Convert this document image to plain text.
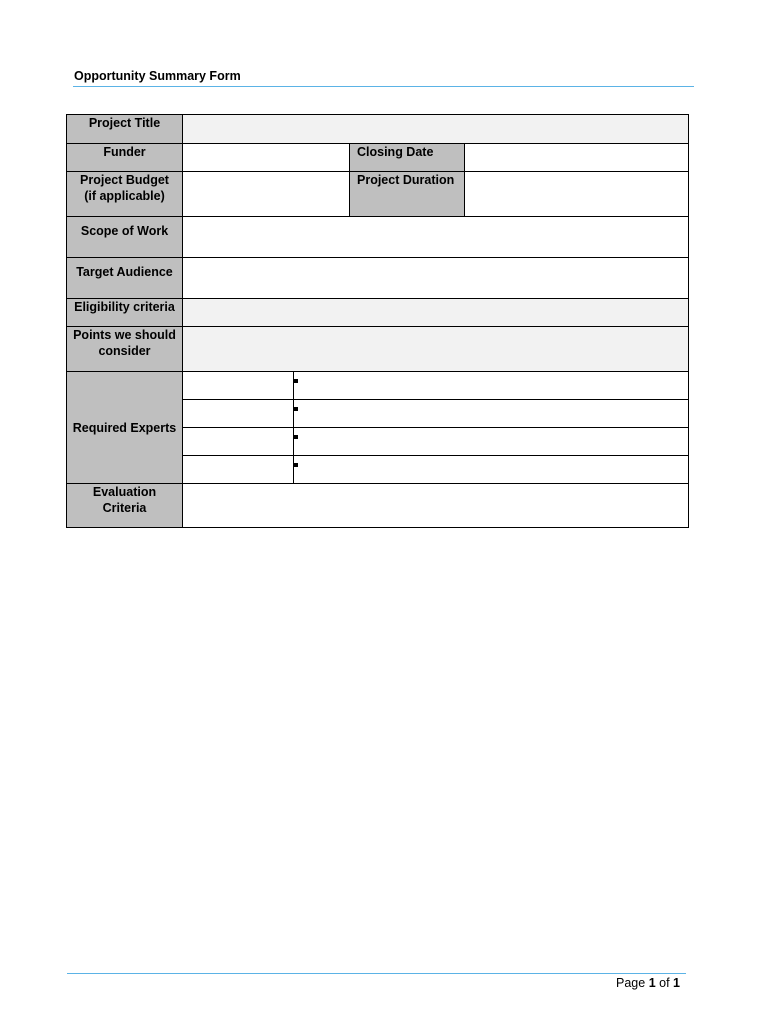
Opportunity Summary Form
Project Title				
Funder			Closing Date	

Project Budget
(if applicable)			Project Duration	
Scope of Work				
Target Audience				
Eligibility criteria				

Points we should
consider				

Required Experts				

Evaluation
Criteria				

Page 1 of 1
